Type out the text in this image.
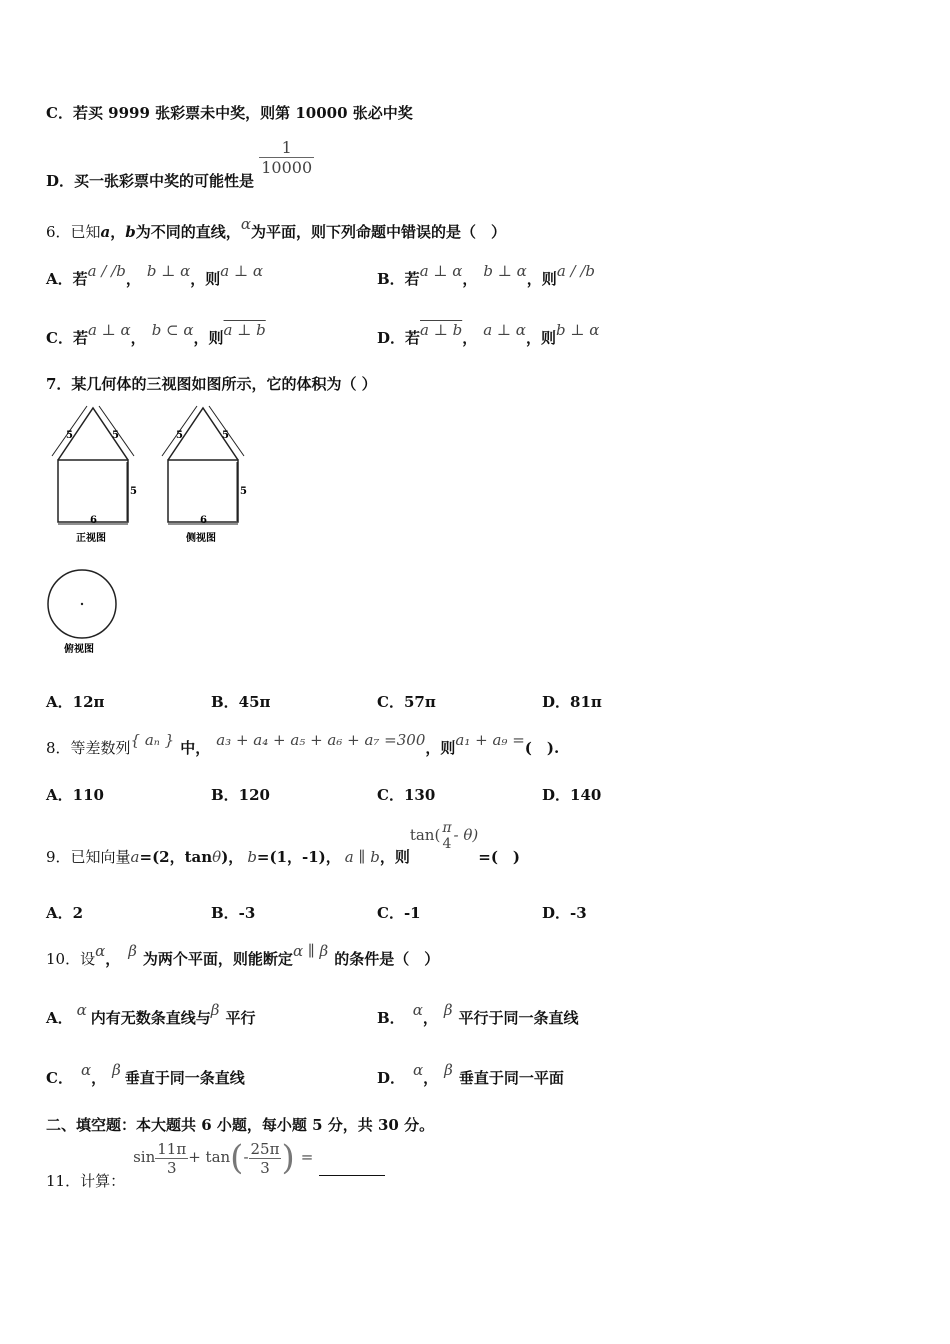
C．若买 9999 张彩票未中奖，则第 10000 张必中奖
D．买一张彩票中奖的可能性是
$\frac{1}{10000}$
6．已知a，b为不同的直线，α为平面，则下列命题中错误的是（　）
A．若a / /b， b ⊥ α，则a ⊥ α	B．若a ⊥ α， b ⊥ α，则a / /b
C．若a ⊥ α， b ⊂ α，则a ⊥ b	D．若a ⊥ b， a ⊥ α，则b ⊥ α
7．某几何体的三视图如图所示，它的体积为（ ）
5	5
5
6
正视图
5	5
5
6
侧视图
俯视图
A．12π	B．45π	C．57π	D．81π
8．等差数列{ aₙ } 中， a₃ + a₄ + a₅ + a₆ + a₇ =300，则a₁ + a₉ =(　).
A．110	B．120	C．130	D．140
9．已知向量a=(2，tanθ)， b=(1，-1)， a ∥ b，则tan( π
4 - θ)=(　)
A．2	B．-3	C．-1	D．-3
10．设α， β 为两个平面，则能断定α ∥ β 的条件是（　）
A． α 内有无数条直线与β 平行	B． α， β 平行于同一条直线
C． α， β 垂直于同一条直线	D． α， β 垂直于同一平面
二、填空题：本大题共 6 小题，每小题 5 分，共 30 分。
11．计算：$\sin \frac{11\pi}{3} + \tan(- \frac{25\pi}{3}$ ) =
